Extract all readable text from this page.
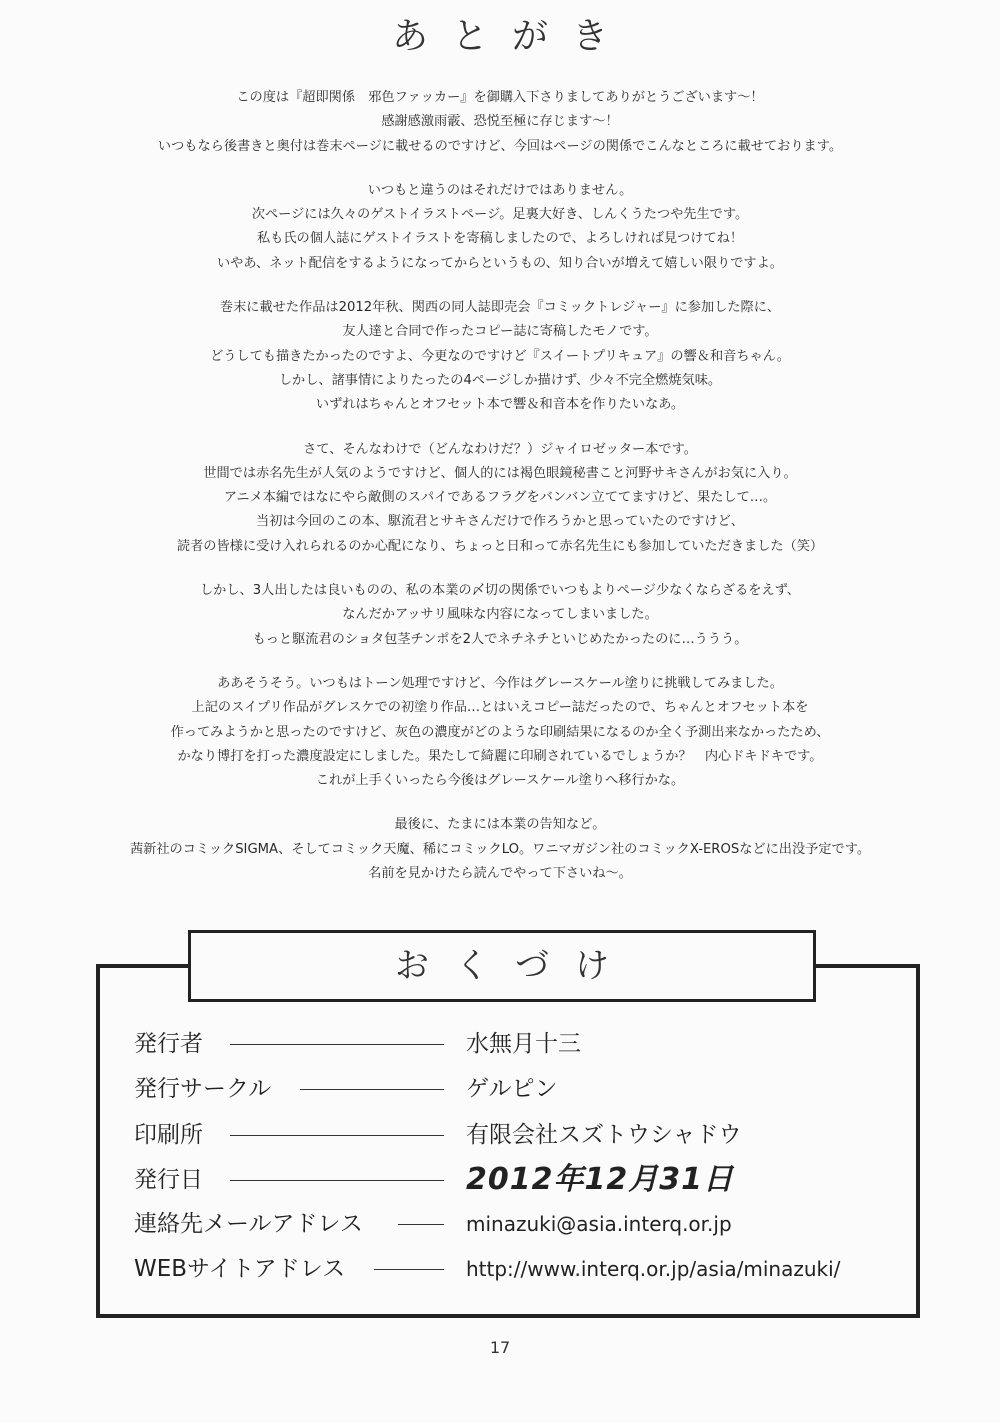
あとがき
この度は『超即関係　邪色ファッカー』を御購入下さりましてありがとうございます〜！
感謝感激雨霰、恐悦至極に存じます〜！
いつもなら後書きと奥付は巻末ページに載せるのですけど、今回はページの関係でこんなところに載せております。
いつもと違うのはそれだけではありません。
次ページには久々のゲストイラストページ。足裏大好き、しんくうたつや先生です。
私も氏の個人誌にゲストイラストを寄稿しましたので、よろしければ見つけてね！
いやあ、ネット配信をするようになってからというもの、知り合いが増えて嬉しい限りですよ。
巻末に載せた作品は2012年秋、関西の同人誌即売会『コミックトレジャー』に参加した際に、
友人達と合同で作ったコピー誌に寄稿したモノです。
どうしても描きたかったのですよ、今更なのですけど『スイートプリキュア』の響＆和音ちゃん。
しかし、諸事情によりたったの4ページしか描けず、少々不完全燃焼気味。
いずれはちゃんとオフセット本で響＆和音本を作りたいなあ。
さて、そんなわけで（どんなわけだ？）ジャイロゼッター本です。
世間では赤名先生が人気のようですけど、個人的には褐色眼鏡秘書こと河野サキさんがお気に入り。
アニメ本編ではなにやら敵側のスパイであるフラグをバンバン立ててますけど、果たして…。
当初は今回のこの本、駆流君とサキさんだけで作ろうかと思っていたのですけど、
読者の皆様に受け入れられるのか心配になり、ちょっと日和って赤名先生にも参加していただきました（笑）
しかし、3人出したは良いものの、私の本業の〆切の関係でいつもよりページ少なくならざるをえず、
なんだかアッサリ風味な内容になってしまいました。
もっと駆流君のショタ包茎チンポを2人でネチネチといじめたかったのに…ううう。
ああそうそう。いつもはトーン処理ですけど、今作はグレースケール塗りに挑戦してみました。
上記のスイプリ作品がグレスケでの初塗り作品…とはいえコピー誌だったので、ちゃんとオフセット本を
作ってみようかと思ったのですけど、灰色の濃度がどのような印刷結果になるのか全く予測出来なかったため、
かなり博打を打った濃度設定にしました。果たして綺麗に印刷されているでしょうか？　内心ドキドキです。
これが上手くいったら今後はグレースケール塗りへ移行かな。
最後に、たまには本業の告知など。
茜新社のコミックSIGMA、そしてコミック天魔、稀にコミックLO。ワニマガジン社のコミックX-EROSなどに出没予定です。
名前を見かけたら読んでやって下さいね〜。
おくづけ
発行者	水無月十三
発行サークル	ゲルピン
印刷所	有限会社スズトウシャドウ
発行日	2012年12月31日
連絡先メールアドレス	minazuki@asia.interq.or.jp
WEBサイトアドレス	http://www.interq.or.jp/asia/minazuki/
17
